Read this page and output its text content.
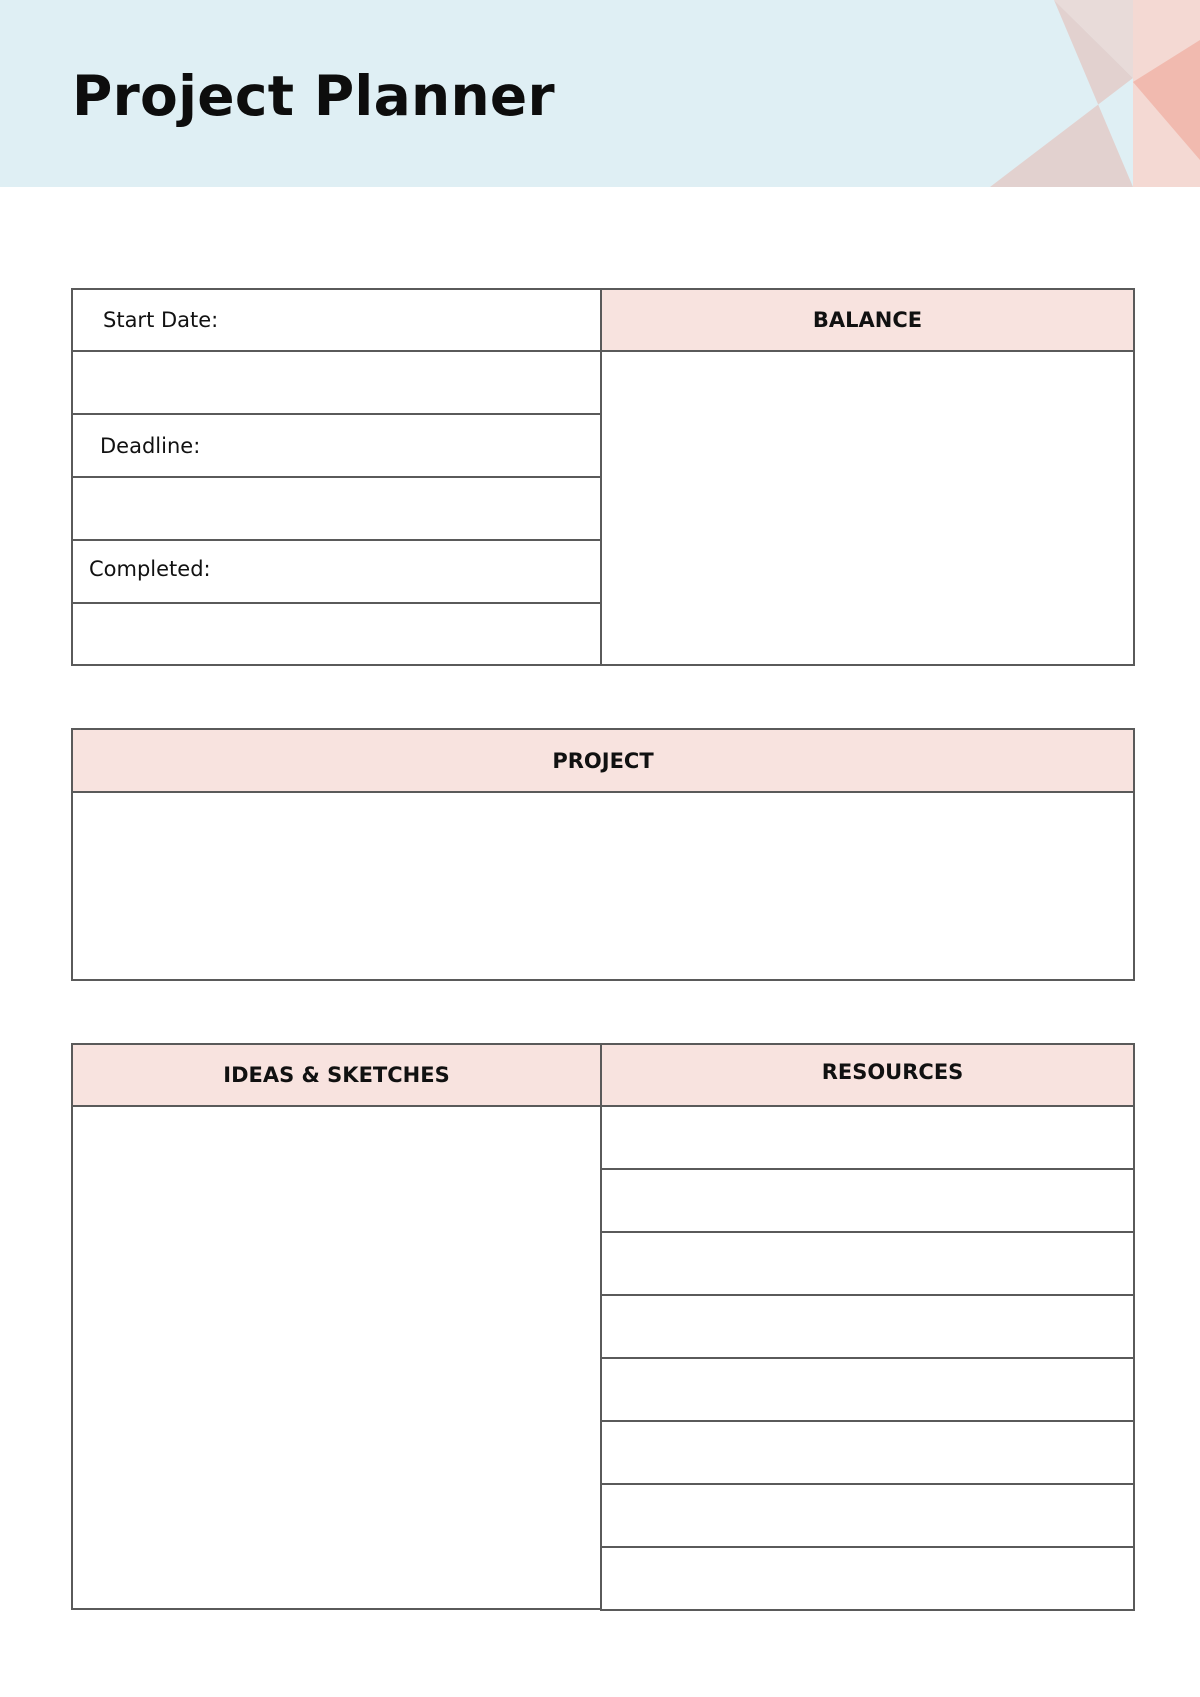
Project Planner
Start Date:
Deadline:
Completed:
BALANCE
PROJECT
IDEAS & SKETCHES	RESOURCES
